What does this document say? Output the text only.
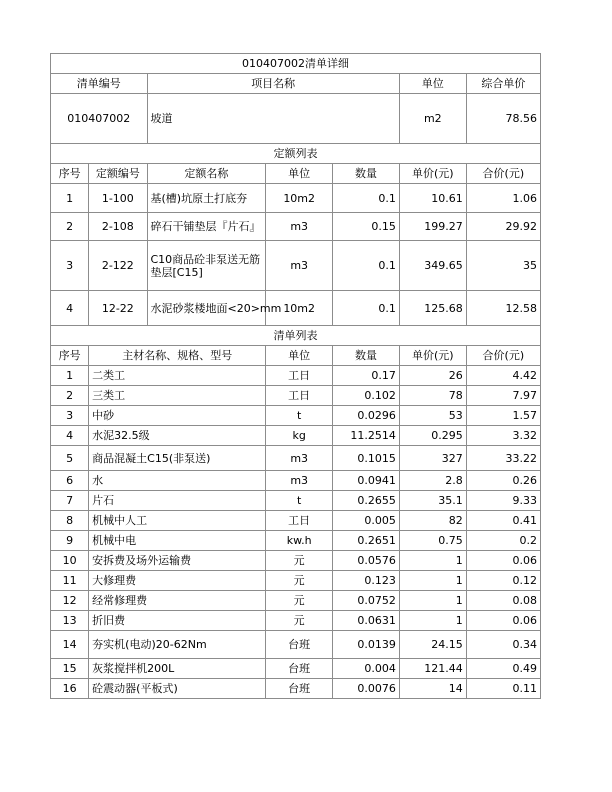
010407002清单详细						
清单编号		项目名称			单位	综合单价
010407002		坡道			m2	78.56
定额列表						
序号	定额编号	定额名称	单位	数量	单价(元)	合价(元)
1	1-100	基(槽)坑原土打底夯	10m2	0.1	10.61	1.06
2	2-108	碎石干铺垫层『片石』	m3	0.15	199.27	29.92
3	2-122	C10商品砼非泵送无筋垫层[C15]	m3	0.1	349.65	35
4	12-22	水泥砂浆楼地面<20>mm	10m2	0.1	125.68	12.58
清单列表						
序号	主材名称、规格、型号		单位	数量	单价(元)	合价(元)
1	二类工		工日	0.17	26	4.42
2	三类工		工日	0.102	78	7.97
3	中砂		t	0.0296	53	1.57
4	水泥32.5级		kg	11.2514	0.295	3.32
5	商品混凝土C15(非泵送)		m3	0.1015	327	33.22
6	水		m3	0.0941	2.8	0.26
7	片石		t	0.2655	35.1	9.33
8	机械中人工		工日	0.005	82	0.41
9	机械中电		kw.h	0.2651	0.75	0.2
10	安拆费及场外运输费		元	0.0576	1	0.06
11	大修理费		元	0.123	1	0.12
12	经常修理费		元	0.0752	1	0.08
13	折旧费		元	0.0631	1	0.06
14	夯实机(电动)20-62Nm		台班	0.0139	24.15	0.34
15	灰浆搅拌机200L		台班	0.004	121.44	0.49
16	砼震动器(平板式)		台班	0.0076	14	0.11
